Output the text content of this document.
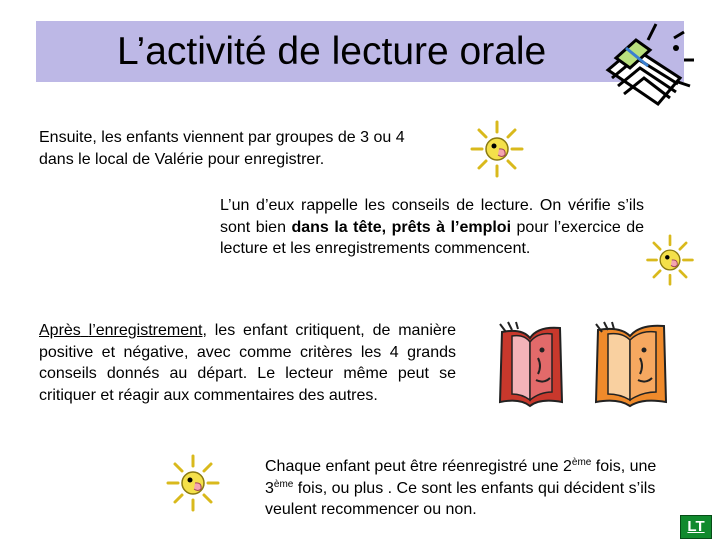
L’activité de lecture orale

Ensuite, les enfants viennent par groupes de 3 ou 4 dans le local de Valérie pour enregistrer.

L’un d’eux rappelle les conseils de lecture. On vérifie s’ils sont bien dans la tête, prêts à l’emploi pour l’exercice de lecture et les enregistrements commencent.

Après l’enregistrement, les enfant critiquent, de manière positive et négative, avec comme critères les 4 grands conseils donnés au départ. Le lecteur même peut se critiquer et réagir aux commentaires des autres.

Chaque enfant peut être réenregistré une 2ème fois, une 3ème fois, ou plus . Ce sont les enfants qui décident s’ils veulent recommencer ou non.

LT
